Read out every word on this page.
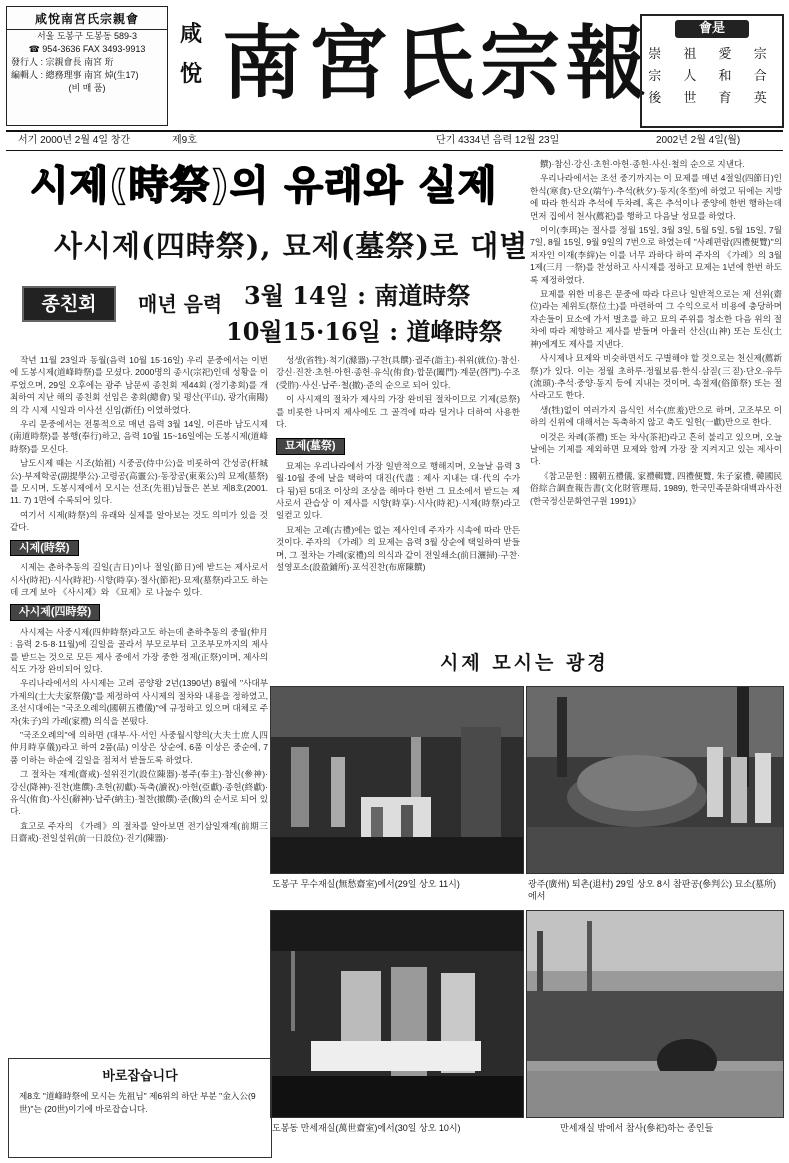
咸悅南宮氏宗親會
서울 도봉구 도봉동 589-3
☎ 954-3636 FAX 3493-9913
發行人 : 宗親會長 南宮 珩
編輯人 : 總務理事 南宮 焯(生17)
(비 매 품)
咸悅 南宮氏宗報	會是
崇 祖 愛 宗
宗 人 和 合
後 世 育 英
서기 2000년 2월 4일 창간	제9호	단기 4334년 음력 12월 23일	2002년 2월 4일(월)
시제(時祭)의 유래와 실제
사시제(四時祭), 묘제(墓祭)로 대별
종친회	매년 음력 3월 14일 : 南道時祭
10월15·16일 : 道峰時祭

작년 11월 23일과 동월(음력 10월 15·16일) 우리 문중에서는 이번에 도봉시제(道峰時祭)를 모셨다. 2000명의 종시(宗祀)인데 성황을 이루었으며, 29일 오후에는 광주 남문씨 종친회 제44회 (정기총회)를 개최하여 지난 해의 종친회 선임은 총회(總會) 및 평산(平山), 광가(南陽)의 각 시제 시일과 이사선 신임(新任) 이였하였다.

우리 문중에서는 전통적으로 매년 음력 3월 14일, 이른바 남도시제(南道時祭)를 봉행(奉行)하고, 음력 10월 15~16일에는 도봉시제(道峰時祭)를 모신다.

남도시제 때는 시조(始祖) 시중공(侍中公)을 비롯하여 간성공(杆城公)·부제학공(副提學公)·고령공(高靈公)·동장공(東萊公)의 묘제(墓祭)를 모시며, 도봉시제에서 모시는 선조(先祖)님들은 본보 제8호(2001. 11. 7) 1면에 수록되어 있다.

여기서 시제(時祭)의 유래와 실제를 알아보는 것도 의미가 있을 것 같다.

시제(時祭)

시제는 춘하추동의 길일(吉日)이나 절일(節日)에 받드는 제사로서 시사(時祀)·시사(時祀)·시향(時享)·절사(節祀)·묘제(墓祭)라고도 하는데 크게 보아 《사시제》와 《묘제》로 나눌수 있다.

사시제(四時祭)

사시제는 사중시제(四仲時祭)라고도 하는데 춘하추동의 중월(仲月 : 음력 2·5·8·11월)에 길일을 골라서 부모로부터 고조부모까지의 제사를 받드는 것으로 모든 제사 중에서 가장 중한 정제(正祭)이며, 제사의식도 가장 완비되어 있다.

우리나라에서의 사시제는 고려 공양왕 2년(1390년) 8월에 "사대부가제의(士大夫家祭儀)"를 제정하여 사시제의 절차와 내용을 정하였고, 조선시대에는 "국조오례의(國朝五禮儀)"에 규정하고 있으며 대체로 주자(朱子)의 가례(家禮) 의식을 본떴다.

"국조오례의"에 의하면 (대부·사·서인 사중월시향의(大夫士庶人四仲月時享儀))라고 하여 2품(品) 이상은 상순에, 6품 이상은 중순에, 7품 이하는 하순에 길일을 점쳐서 받들도록 하였다.

그 절차는 재계(齋戒)·설위진기(設位陳器)·봉주(奉主)·참신(參神)·강신(降神)·진찬(進饌)·초헌(初獻)·독축(讀祝)·아헌(亞獻)·종헌(終獻)·유식(侑食)·사신(辭神)·납주(納主)·철찬(撤饌)·준(餕)의 순서로 되어 있다.

효고로 주자의 《가례》의 절차를 알아보면 전기삼일재계(前期三日齋戒)·전일설위(前一日設位)·진기(陳器)·

성생(省牲)·척기(滌器)·구찬(具饌)·궐주(詣主)·취위(就位)·참신·강신·진찬·초헌·아헌·종헌·유식(侑食)·합문(闔門)·계문(啓門)·수조(受胙)·사신·납주·철(撤)·준의 순으로 되어 있다.

이 사시제의 절차가 제사의 가장 완비된 절차이므로 기제(忌祭)를 비롯한 나머지 제사에도 그 골격에 따라 덜거나 더하여 사용한다.

묘제(墓祭)

묘제는 우리나라에서 가장 일반적으로 행해지며, 오늘날 음력 3월·10월 중에 날을 택하여 대진(代盡 : 제사 지내는 대·代의 수가 다 됨)된 5대조 이상의 조상을 해마다 한번 그 묘소에서 받드는 제사로서 관습상 이 제사를 시향(時享)·시사(時祀)·시제(時祭)라고 일컫고 있다.

묘제는 고례(古禮)에는 없는 제사인데 주자가 시속에 따라 만든 것이다. 주자의 《가례》의 묘제는 음력 3월 상순에 택일하여 받들며, 그 절차는 가례(家禮)의 의식과 같이 전일쇄소(前日灑掃)·구찬·설영포소(設盈鋪所)·포석진찬(布席陳饌)

饌)·참신·강신·초헌·아헌·종헌·사신·철의 순으로 지낸다.

우리나라에서는 조선 중기까지는 이 묘제를 매년 4절일(四節日)인 한식(寒食)·단오(端午)·추석(秋夕)·동지(冬至)에 하였고 뒤에는 지방에 따라 한식과 추석에 두차례, 혹은 추석이나 중양에 한번 행하는데 먼저 집에서 천사(薦祀)를 행하고 다음날 성묘를 하였다.

이이(李珥)는 절사를 정월 15일, 3월 3일, 5월 5일, 5월 15일, 7월 7일, 8월 15일, 9월 9일의 7번으로 하였는데 "사례편람(四禮便覽)"의 저자인 이재(李縡)는 이를 너무 과하다 하여 주자의 《가례》의 3월 1제(三月 一祭)를 찬성하고 사시제를 정하고 묘제는 1년에 한번 하도록 제정하였다.

묘제를 위한 비용은 문중에 따라 다르나 일반적으로는 제 선위(齋位)라는 제위토(祭位土)를 마련하여 그 수익으로서 비용에 충당하며 자손들이 묘소에 가서 벌초를 하고 묘의 주위를 청소한 다음 위의 절차에 따라 제향하고 제사를 받들며 아울러 산신(山神) 또는 토신(土神)에게도 제사를 지낸다.

사시제나 묘제와 비슷하면서도 구별해야 할 것으로는 천신제(薦新祭)가 있다. 이는 정월 초하루·정월보름·한식·삼짇(三짇)·단오·유두(流頭)·추석·중양·동지 등에 지내는 것이며, 속절제(俗節祭) 또는 절사라고도 한다.

생(牲)없이 여러가지 음식인 서수(庶羞)만으로 하며, 고조부모 이하의 신위에 대해서는 독축하지 않고 축도 일헌(一獻)만으로 한다.

이것은 차례(茶禮) 또는 차사(茶祀)라고 흔히 불리고 있으며, 오늘날에는 기제를 제외하면 묘제와 함께 가장 잘 지켜지고 있는 제사이다.

《참고문헌 : 國朝五禮儀, 家禮輯覽, 四禮便覽, 朱子家禮, 韓國民俗綜合調査報告書(文化財管理局, 1989), 한국민족문화대백과사전(한국정신문화연구원 1991)》

시제 모시는 광경
도봉구 무수재실(無愁齋室)에서(29일 상오 11시)	광주(廣州) 퇴촌(退村) 29일 상오 8시 참판공(參判公) 묘소(墓所)에서
도봉동 만세재실(萬世齋室)에서(30일 상오 10시)	만세재실 밖에서 참사(參祀)하는 종인들
바로잡습니다
제8호 "道峰時祭에 모시는 先祖님" 제6위의 하단 부분 "金入公(9世)"는 (20世)이기에 바로잡습니다.
